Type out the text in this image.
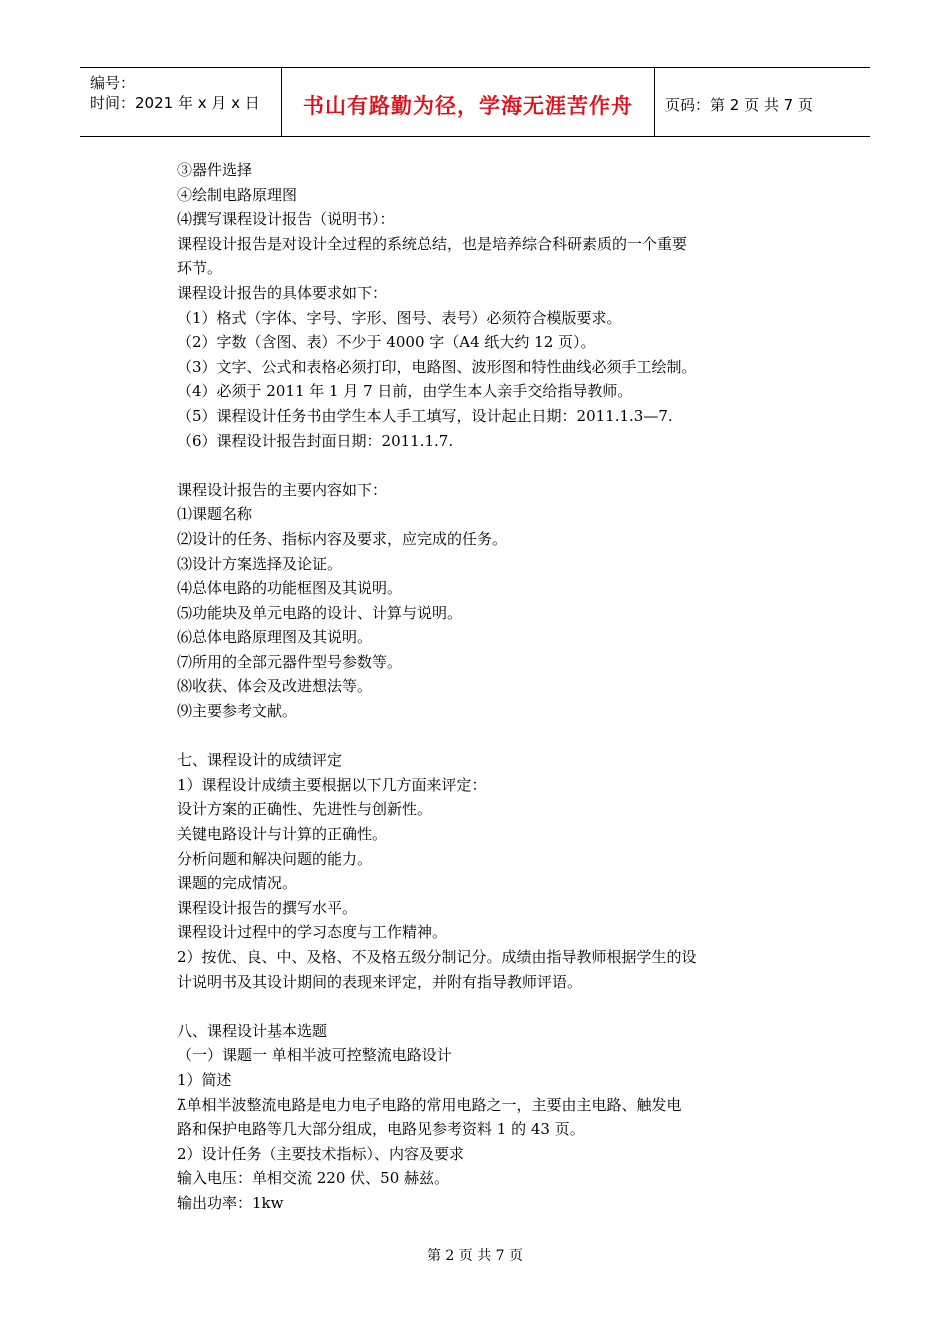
编号：
时间：2021 年 x 月 x 日	书山有路勤为径，学海无涯苦作舟	页码：第 2 页 共 7 页
③器件选择
④绘制电路原理图
⑷撰写课程设计报告（说明书）：
课程设计报告是对设计全过程的系统总结，也是培养综合科研素质的一个重要
环节。
课程设计报告的具体要求如下：
（1）格式（字体、字号、字形、图号、表号）必须符合模版要求。
（2）字数（含图、表）不少于 4000 字（A4 纸大约 12 页）。
（3）文字、公式和表格必须打印，电路图、波形图和特性曲线必须手工绘制。
（4）必须于 2011 年 1 月 7 日前，由学生本人亲手交给指导教师。
（5）课程设计任务书由学生本人手工填写，设计起止日期：2011.1.3—7.
（6）课程设计报告封面日期：2011.1.7.
课程设计报告的主要内容如下：
⑴课题名称
⑵设计的任务、指标内容及要求，应完成的任务。
⑶设计方案选择及论证。
⑷总体电路的功能框图及其说明。
⑸功能块及单元电路的设计、计算与说明。
⑹总体电路原理图及其说明。
⑺所用的全部元器件型号参数等。
⑻收获、体会及改进想法等。
⑼主要参考文献。
七、课程设计的成绩评定
1）课程设计成绩主要根据以下几方面来评定：
设计方案的正确性、先进性与创新性。
关键电路设计与计算的正确性。
分析问题和解决问题的能力。
课题的完成情况。
课程设计报告的撰写水平。
课程设计过程中的学习态度与工作精神。
2）按优、良、中、及格、不及格五级分制记分。成绩由指导教师根据学生的设
计说明书及其设计期间的表现来评定，并附有指导教师评语。
八、课程设计基本选题
（一）课题一 单相半波可控整流电路设计
1）简述
λ̄单相半波整流电路是电力电子电路的常用电路之一，主要由主电路、触发电
路和保护电路等几大部分组成，电路见参考资料 1 的 43 页。
2）设计任务（主要技术指标）、内容及要求
输入电压：单相交流 220 伏、50 赫兹。
输出功率：1kw
第 2 页 共 7 页
